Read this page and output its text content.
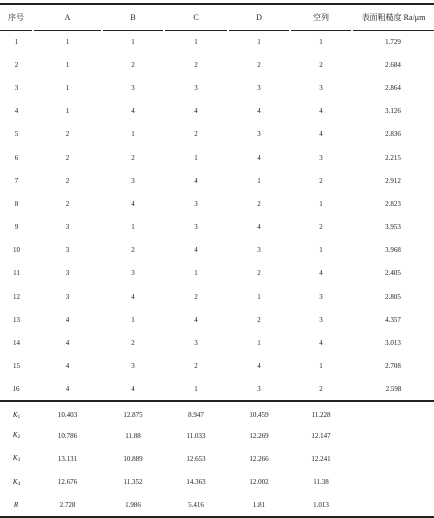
序号	A	B	C	D	空列	表面粗糙度 Ra/μm
1	1	1	1	1	1	1.729
2	1	2	2	2	2	2.684
3	1	3	3	3	3	2.864
4	1	4	4	4	4	3.126
5	2	1	2	3	4	2.836
6	2	2	1	4	3	2.215
7	2	3	4	1	2	2.912
8	2	4	3	2	1	2.823
9	3	1	3	4	2	3.953
10	3	2	4	3	1	3.968
11	3	3	1	2	4	2.405
12	3	4	2	1	3	2.805
13	4	1	4	2	3	4.357
14	4	2	3	1	4	3.013
15	4	3	2	4	1	2.708
16	4	4	1	3	2	2.598
$K_1$	10.403	12.875	8.947	10.459	11.228	
$K_2$	10.786	11.88	11.033	12.269	12.147	
$K_3$	13.131	10.889	12.653	12.266	12.241	
$K_4$	12.676	11.352	14.363	12.002	11.38	
R	2.728	1.986	5.416	1.81	1.013	
